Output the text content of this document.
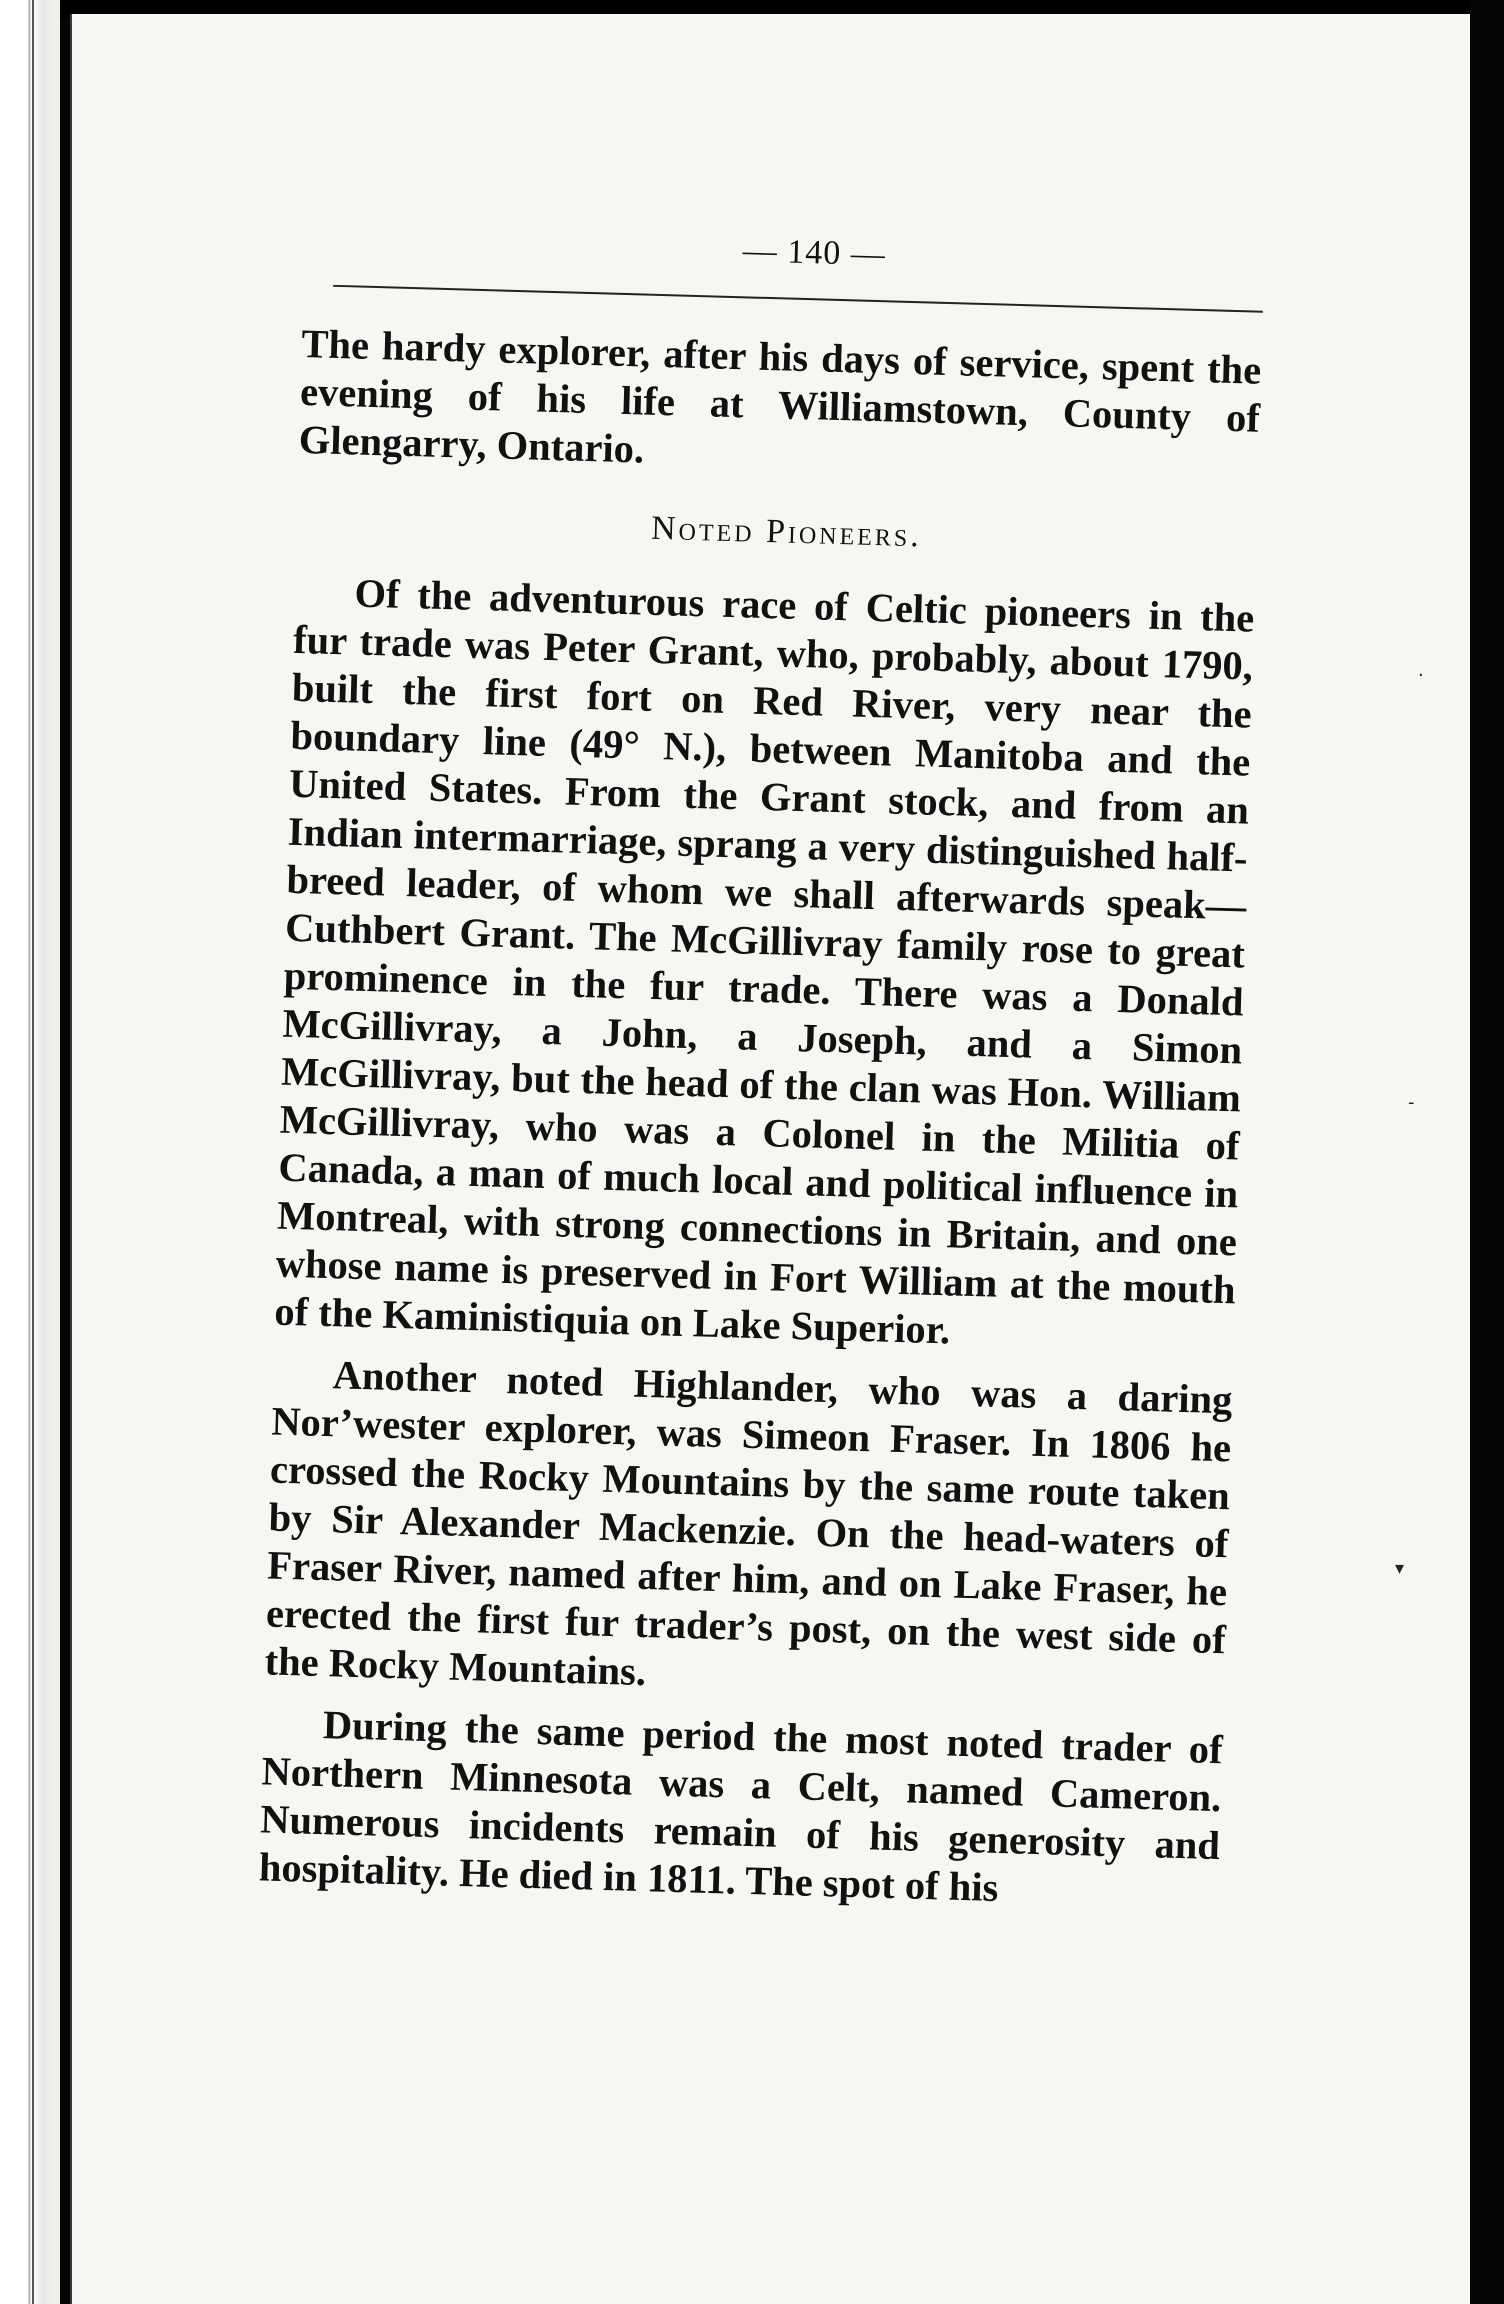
·
-
▾
— 140 —

The hardy explorer, after his days of service, spent the evening of his life at Williamstown, County of Glengarry, Ontario.

Noted Pioneers.

Of the adventurous race of Celtic pioneers in the fur trade was Peter Grant, who, probably, about 1790, built the first fort on Red River, very near the boundary line (49° N.), between Manitoba and the United States. From the Grant stock, and from an Indian intermarriage, sprang a very distinguished half-breed leader, of whom we shall afterwards speak—Cuthbert Grant. The McGillivray family rose to great prominence in the fur trade. There was a Donald McGillivray, a John, a Joseph, and a Simon McGillivray, but the head of the clan was Hon. William McGillivray, who was a Colonel in the Militia of Canada, a man of much local and political influence in Montreal, with strong connections in Britain, and one whose name is preserved in Fort William at the mouth of the Kaministiquia on Lake Superior.

Another noted Highlander, who was a daring Nor’wester explorer, was Simeon Fraser. In 1806 he crossed the Rocky Mountains by the same route taken by Sir Alexander Mackenzie. On the head-waters of Fraser River, named after him, and on Lake Fraser, he erected the first fur trader’s post, on the west side of the Rocky Mountains.

During the same period the most noted trader of Northern Minnesota was a Celt, named Cameron. Numerous incidents remain of his generosity and hospitality. He died in 1811. The spot of his
